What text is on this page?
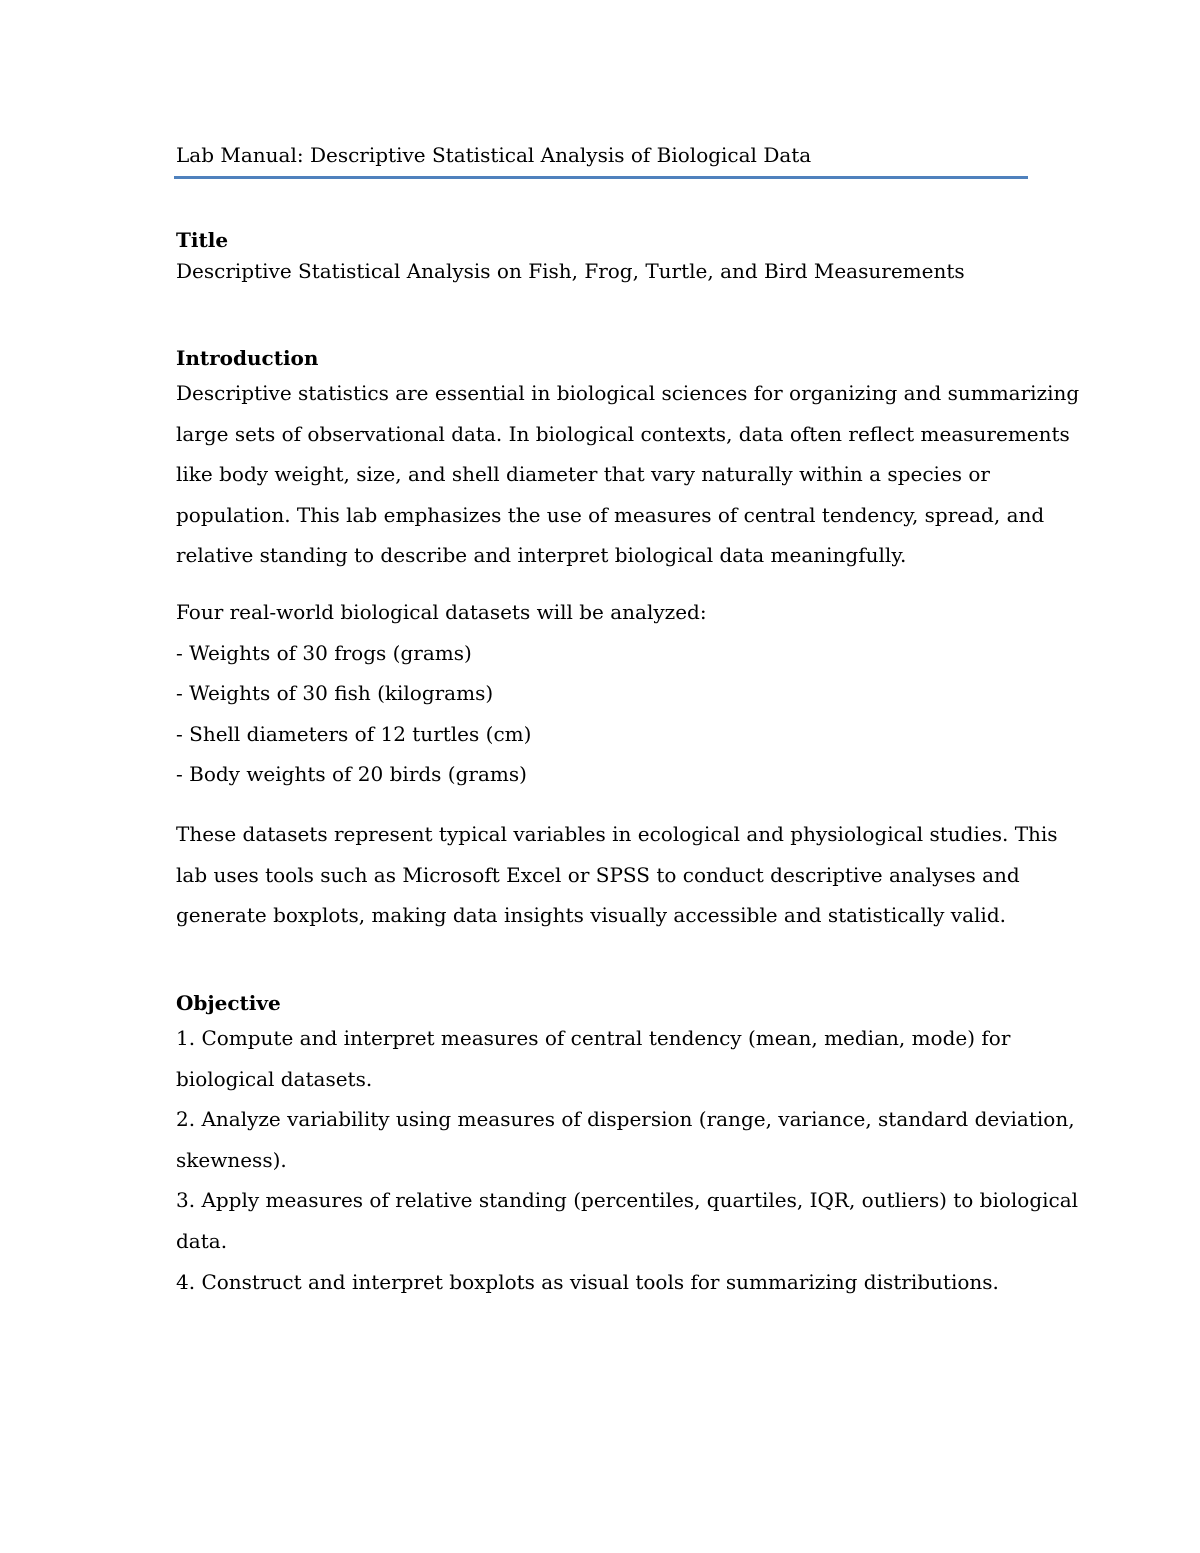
Lab Manual: Descriptive Statistical Analysis of Biological Data

Title

Descriptive Statistical Analysis on Fish, Frog, Turtle, and Bird Measurements

Introduction

Descriptive statistics are essential in biological sciences for organizing and summarizing

large sets of observational data. In biological contexts, data often reflect measurements

like body weight, size, and shell diameter that vary naturally within a species or

population. This lab emphasizes the use of measures of central tendency, spread, and

relative standing to describe and interpret biological data meaningfully.

Four real-world biological datasets will be analyzed:

- Weights of 30 frogs (grams)

- Weights of 30 fish (kilograms)

- Shell diameters of 12 turtles (cm)

- Body weights of 20 birds (grams)

These datasets represent typical variables in ecological and physiological studies. This

lab uses tools such as Microsoft Excel or SPSS to conduct descriptive analyses and

generate boxplots, making data insights visually accessible and statistically valid.

Objective

1. Compute and interpret measures of central tendency (mean, median, mode) for

biological datasets.

2. Analyze variability using measures of dispersion (range, variance, standard deviation,

skewness).

3. Apply measures of relative standing (percentiles, quartiles, IQR, outliers) to biological

data.

4. Construct and interpret boxplots as visual tools for summarizing distributions.
